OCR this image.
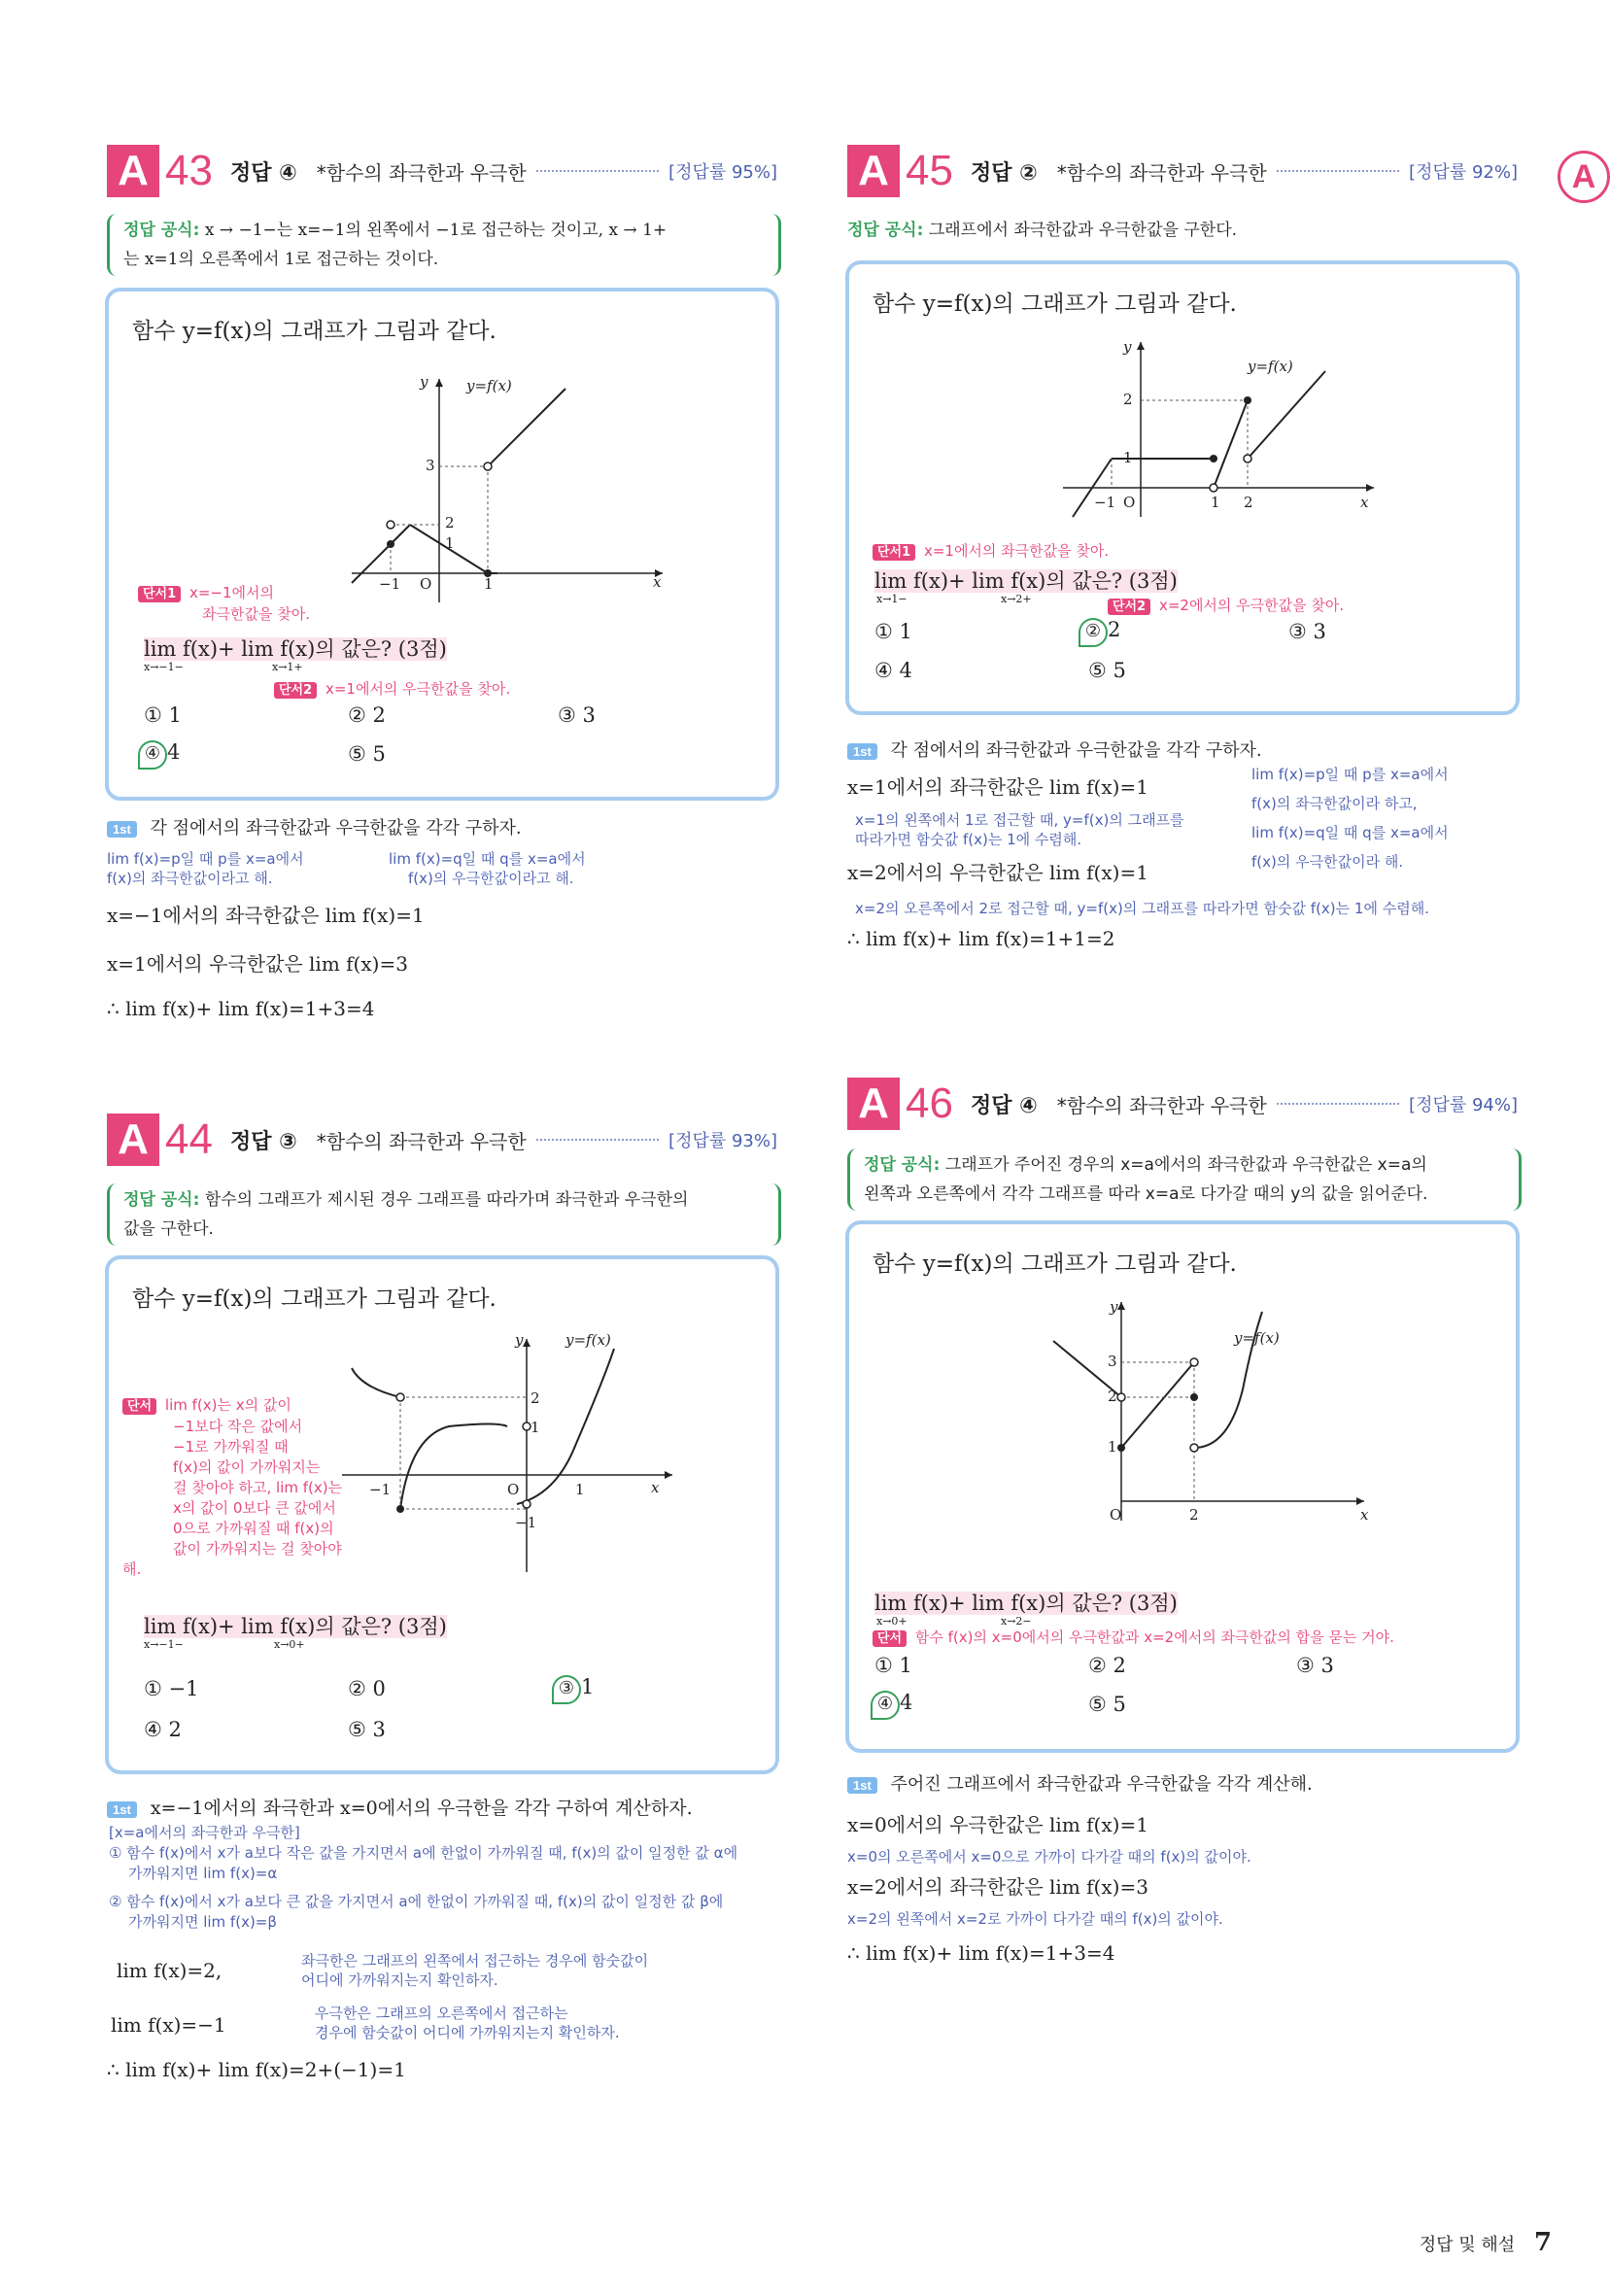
A
A 43 정답 ④ *함수의 좌극한과 우극한	[정답률 95%]
정답 공식: x → −1−는 x=−1의 왼쪽에서 −1로 접근하는 것이고, x → 1+
는 x=1의 오른쪽에서 1로 접근하는 것이다.
함수 y=f(x)의 그래프가 그림과 같다.
y	y=f(x)
3
2
1
−1 O	1	x
단서1 x=−1에서의
좌극한값을 찾아.
lim f(x)+ lim f(x)의 값은? (3점)
x→−1−	x→1+
단서2 x=1에서의 우극한값을 찾아.
① 1	② 2	③ 3
④ 4	⑤ 5
1st 각 점에서의 좌극한값과 우극한값을 각각 구하자.
lim f(x)=p일 때 p를 x=a에서
f(x)의 좌극한값이라고 해.
lim f(x)=q일 때 q를 x=a에서
f(x)의 우극한값이라고 해.
x=−1에서의 좌극한값은 lim f(x)=1
x=1에서의 우극한값은 lim f(x)=3
∴ lim f(x)+ lim f(x)=1+3=4
A 44 정답 ③ *함수의 좌극한과 우극한	[정답률 93%]
정답 공식: 함수의 그래프가 제시된 경우 그래프를 따라가며 좌극한과 우극한의
값을 구한다.
함수 y=f(x)의 그래프가 그림과 같다.
y	y=f(x)
2
1
−1	O	1	x
−1
단서 lim f(x)는 x의 값이
−1보다 작은 값에서
−1로 가까워질 때
f(x)의 값이 가까워지는
걸 찾아야 하고, lim f(x)는
x의 값이 0보다 큰 값에서
0으로 가까워질 때 f(x)의
값이 가까워지는 걸 찾아야 해.
lim f(x)+ lim f(x)의 값은? (3점)
x→−1−	x→0+
① −1	② 0	③ 1
④ 2	⑤ 3
1st x=−1에서의 좌극한과 x=0에서의 우극한을 각각 구하여 계산하자.
[x=a에서의 좌극한과 우극한]
① 함수 f(x)에서 x가 a보다 작은 값을 가지면서 a에 한없이 가까워질 때, f(x)의 값이 일정한 값 α에
가까워지면 lim f(x)=α
② 함수 f(x)에서 x가 a보다 큰 값을 가지면서 a에 한없이 가까워질 때, f(x)의 값이 일정한 값 β에
가까워지면 lim f(x)=β
lim f(x)=2,	좌극한은 그래프의 왼쪽에서 접근하는 경우에 함숫값이
어디에 가까워지는지 확인하자.
lim f(x)=−1	우극한은 그래프의 오른쪽에서 접근하는
경우에 함숫값이 어디에 가까워지는지 확인하자.
∴ lim f(x)+ lim f(x)=2+(−1)=1
A 45 정답 ② *함수의 좌극한과 우극한	[정답률 92%]
정답 공식: 그래프에서 좌극한값과 우극한값을 구한다.
함수 y=f(x)의 그래프가 그림과 같다.
y
y=f(x)
2
1
−1 O	1 2	x
단서1 x=1에서의 좌극한값을 찾아.
lim f(x)+ lim f(x)의 값은? (3점)
x→1−	x→2+
단서2 x=2에서의 우극한값을 찾아.
① 1	② 2	③ 3
④ 4	⑤ 5
1st 각 점에서의 좌극한값과 우극한값을 각각 구하자.
x=1에서의 좌극한값은 lim f(x)=1
x=1의 왼쪽에서 1로 접근할 때, y=f(x)의 그래프를
따라가면 함숫값 f(x)는 1에 수렴해.
lim f(x)=p일 때 p를 x=a에서
f(x)의 좌극한값이라 하고,
lim f(x)=q일 때 q를 x=a에서
f(x)의 우극한값이라 해.
x=2에서의 우극한값은 lim f(x)=1
x=2의 오른쪽에서 2로 접근할 때, y=f(x)의 그래프를 따라가면 함숫값 f(x)는 1에 수렴해.
∴ lim f(x)+ lim f(x)=1+1=2
A 46 정답 ④ *함수의 좌극한과 우극한	[정답률 94%]
정답 공식: 그래프가 주어진 경우의 x=a에서의 좌극한값과 우극한값은 x=a의
왼쪽과 오른쪽에서 각각 그래프를 따라 x=a로 다가갈 때의 y의 값을 읽어준다.
함수 y=f(x)의 그래프가 그림과 같다.
y
y=f(x)
3
2
1
O	2	x
lim f(x)+ lim f(x)의 값은? (3점)
x→0+	x→2−
단서 함수 f(x)의 x=0에서의 우극한값과 x=2에서의 좌극한값의 합을 묻는 거야.
① 1	② 2	③ 3
④ 4	⑤ 5
1st 주어진 그래프에서 좌극한값과 우극한값을 각각 계산해.
x=0에서의 우극한값은 lim f(x)=1
x=0의 오른쪽에서 x=0으로 가까이 다가갈 때의 f(x)의 값이야.
x=2에서의 좌극한값은 lim f(x)=3
x=2의 왼쪽에서 x=2로 가까이 다가갈 때의 f(x)의 값이야.
∴ lim f(x)+ lim f(x)=1+3=4
정답 및 해설 7
